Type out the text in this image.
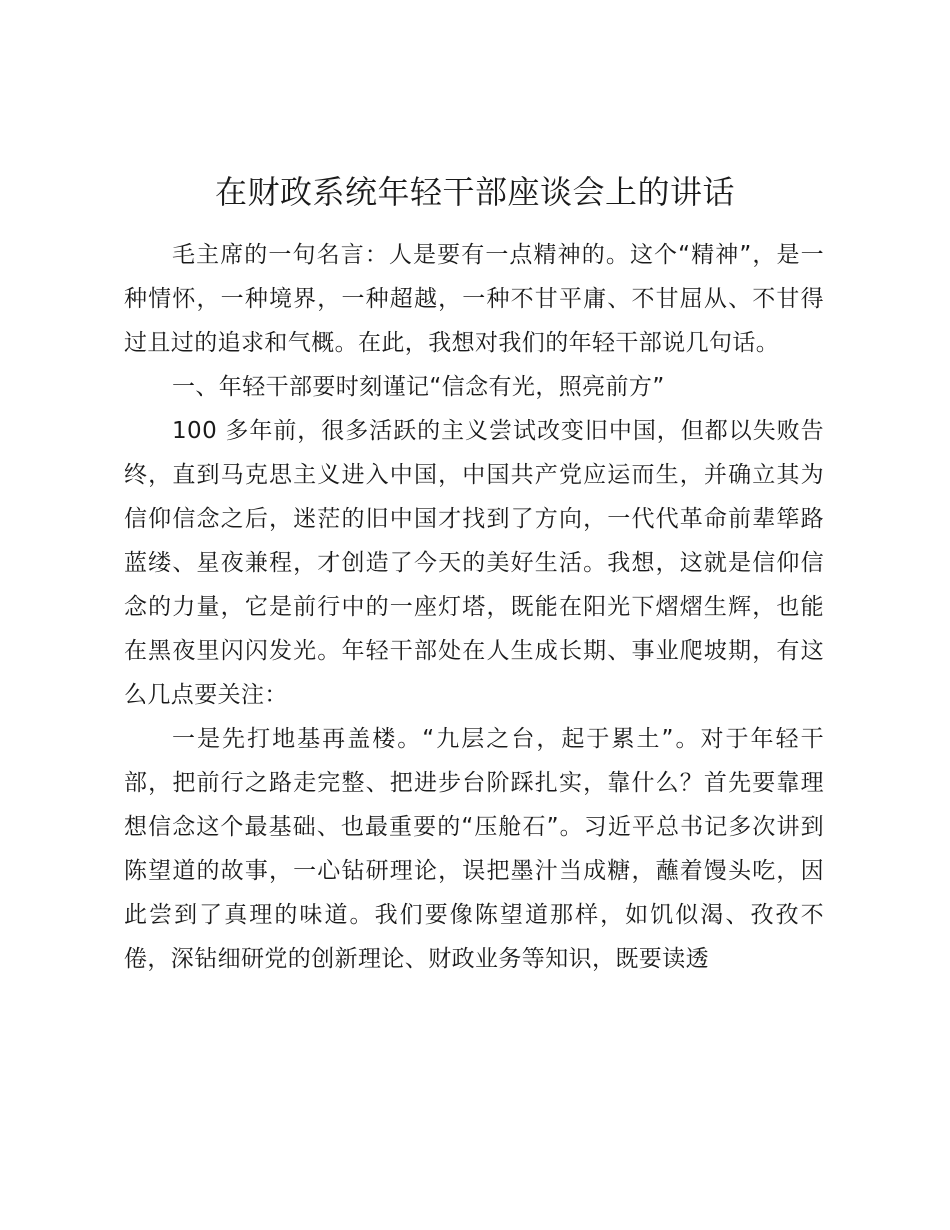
在财政系统年轻干部座谈会上的讲话

毛主席的一句名言：人是要有一点精神的。这个“精神”，是一种情怀，一种境界，一种超越，一种不甘平庸、不甘屈从、不甘得过且过的追求和气概。在此，我想对我们的年轻干部说几句话。

一、年轻干部要时刻谨记“信念有光，照亮前方”

100 多年前，很多活跃的主义尝试改变旧中国，但都以失败告终，直到马克思主义进入中国，中国共产党应运而生，并确立其为信仰信念之后，迷茫的旧中国才找到了方向，一代代革命前辈筚路蓝缕、星夜兼程，才创造了今天的美好生活。我想，这就是信仰信念的力量，它是前行中的一座灯塔，既能在阳光下熠熠生辉，也能在黑夜里闪闪发光。年轻干部处在人生成长期、事业爬坡期，有这么几点要关注：

一是先打地基再盖楼。“九层之台，起于累土”。对于年轻干部，把前行之路走完整、把进步台阶踩扎实，靠什么？首先要靠理想信念这个最基础、也最重要的“压舱石”。习近平总书记多次讲到陈望道的故事，一心钻研理论，误把墨汁当成糖，蘸着馒头吃，因此尝到了真理的味道。我们要像陈望道那样，如饥似渴、孜孜不倦，深钻细研党的创新理论、财政业务等知识，既要读透
